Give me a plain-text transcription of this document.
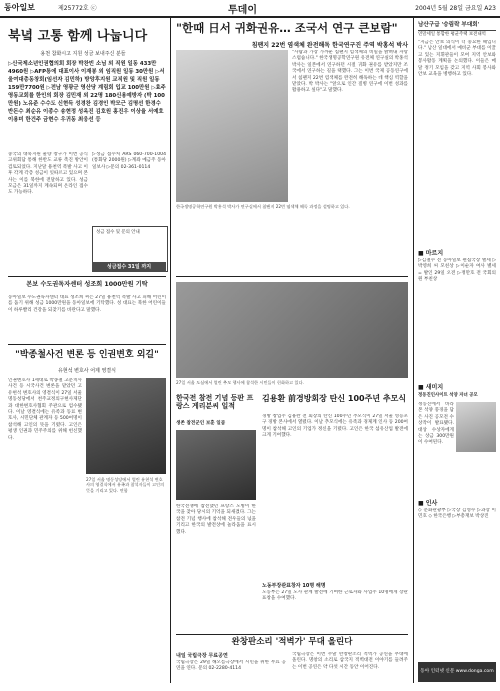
동아일보	제25772호 ⓒ	투데이	2004년 5월 28일 금요일 A23
북녘 고통 함께 나눕니다
용천 참화시고 지원 성금 보내주신 분들
▷신국제소년인권협의회 회장 박찬빈 소님 외 직원 일동 433만4960원 ▷AFP통에 대표이사 이재봉 외 임직원 일동 30만원 ▷서울여대총동창회(임선자 김민하) 방앙후지원 교직원 및 직원 일동 159만7700원 ▷전남 영광군 영산당 계림회 입교 100만원 ▷효주 영동교회를 한인의 회장 김민재 외 22명 180신용예방자 (박 100만원) 노유준 수수도 신현득 성경찬 김경인 박모근 김명선 한경수 반돈수 최순유 이종수 송현정 성옥진 김호원 홍진우 이상율 서예호 이용미 한건주 금현수 우귀동 최웅선 등
중국의 대북지원 물량 창구가 이번 공식 고위회담 통해 한반도 교류 촉진 방안이 검토되었다. 지난달 용천역 폭발 사고 이후 각계 각층 성금이 잇따르고 있으며 본사는 이를 북한에 전달하고 있다. 성금 모금은 31일까지 계속되며 온라인 접수도 가능하다.
▷성금 접수처 ARS 060-700-1004 (통화당 2000원) ▷계좌 예금주 동아일보사 ▷문의 02-361-0114
성금 접수 및 문의 안내
성금접수 31일 까지
본보 수도권독자센터 성조희 1000만원 기탁
동아일보 수도권독자센터 대표 성조희 씨는 27일 용천역 폭발 사고 피해 어린이를 돕기 위해 성금 1000만원을 동아일보에 기탁했다. 성 대표는 북한 어린이들이 하루빨리 건강을 되찾기를 바란다고 말했다.
"박종철사건 변론 등 인권변호 외길"
유현석 변호사 어제 영결식
인권변호사 1세대로 박종철 고문치사 사건 등 시국사건 변론을 맡았던 고 유현석 변호사의 영결식이 27일 서울 명동성당에서 천주교정의구현사제단과 대한변호사협회 주관으로 엄수됐다. 이날 영결식에는 유족과 동료 변호사, 시민단체 관계자 등 500여명이 참석해 고인의 뜻을 기렸다. 고인은 평생 인권과 민주주의를 위해 헌신했다.
27일 서울 명동성당에서 열린 유현석 변호사의 영결식에서 유족과 참석자들이 고인의 뜻을 기리고 있다. 연합
"한때 日서 귀화권유… 조국서 연구 큰보람"
침팬지 22번 염색체 완전해독 한국연구진 주역 박홍석 박사
"사람과 가장 가까운 침팬지 염색체의 비밀을 밝혀내 자랑스럽습니다." 한국생명공학연구원 유전체 연구실의 박홍석 박사는 일본에서 연구하던 시절 귀화 권유를 받았지만 조국에서 연구하는 길을 택했다. 그는 이번 국제 공동연구에서 침팬지 22번 염색체를 완전히 해독하는 데 핵심 역할을 맡았다. 박 박사는 "앞으로 인간 질병 연구에 이번 성과를 활용하고 싶다"고 말했다.
한국생명공학연구원 박홍석 박사가 연구실에서 침팬지 22번 염색체 해독 과정을 설명하고 있다.
27일 서울 도심에서 열린 추모 행사에 참석한 시민들이 헌화하고 있다.
한국전 참전 기념 등판 프랑스 게리분씨 일적
생존 참전군인 보훈 일곱
한국전쟁에 참전했던 프랑스 노병이 한국을 찾아 당시의 기억을 되새겼다. 그는 참전 기념 행사에 참석해 전우들의 넋을 기리고 한국의 발전상에 놀라움을 표시했다.
김용환 前경방회장 탄신 100주년 추모식
경방 창업주 김용완 전 회장의 탄신 100주년 추모식이 27일 서울 영등포구 경방 본사에서 열렸다. 이날 추모식에는 유족과 경제계 인사 등 200여명이 참석해 고인의 기업가 정신을 기렸다. 고인은 한국 섬유산업 발전에 크게 기여했다.
노동부장관표창자 10명 해명
노동부는 27일 노사 관계 발전에 기여한 근로자와 사업주 10명에게 장관 표창을 수여했다.
완창판소리 '적벽가' 무대 올린다
내일 국립극장 무료공연
국립극장은 29일 해오름극장에서 시민을 위한 무료 공연을 연다. 문의 02-2280-4114
국립극장은 이번 주말 완창판소리 적벽가 공연을 무대에 올린다. 명창의 소리로 삼국지 적벽대전 이야기를 들려주는 이번 공연은 약 다섯 시간 동안 이어진다.
남산구급 '숭림락 부대회'
연말세일 통합한 평균주택 보전내역
"지금은 안보 의식이 더 중요한 때입니다." 남산 일대에서 예비군 부대를 이끌고 있는 지휘관들이 모여 지역 안보와 봉사활동 계획을 논의했다. 이들은 매달 정기 모임을 갖고 지역 사회 봉사와 안보 교육을 병행하고 있다.
■ 마르지
▷김철수 전 동아일보 편집국장 별세 ▷박영희 씨 모친상 ▷이순자 여사 별세 = 발인 29일 오전 ▷정만호 전 국회의원 부친상
■ 새미지
정동진인사이트 석양 자녀 공모
정동진에서 바라본 석양 풍경을 담은 사진 공모전 수상작이 발표됐다. 대상 수상자에게는 상금 300만원이 수여된다.
■ 인사
◇ 문화관광부 ▷국장 김영수 ▷과장 이민호 ◇ 한국은행 ▷부총재보 박상진
동아 인터넷 신문 www.donga.com
